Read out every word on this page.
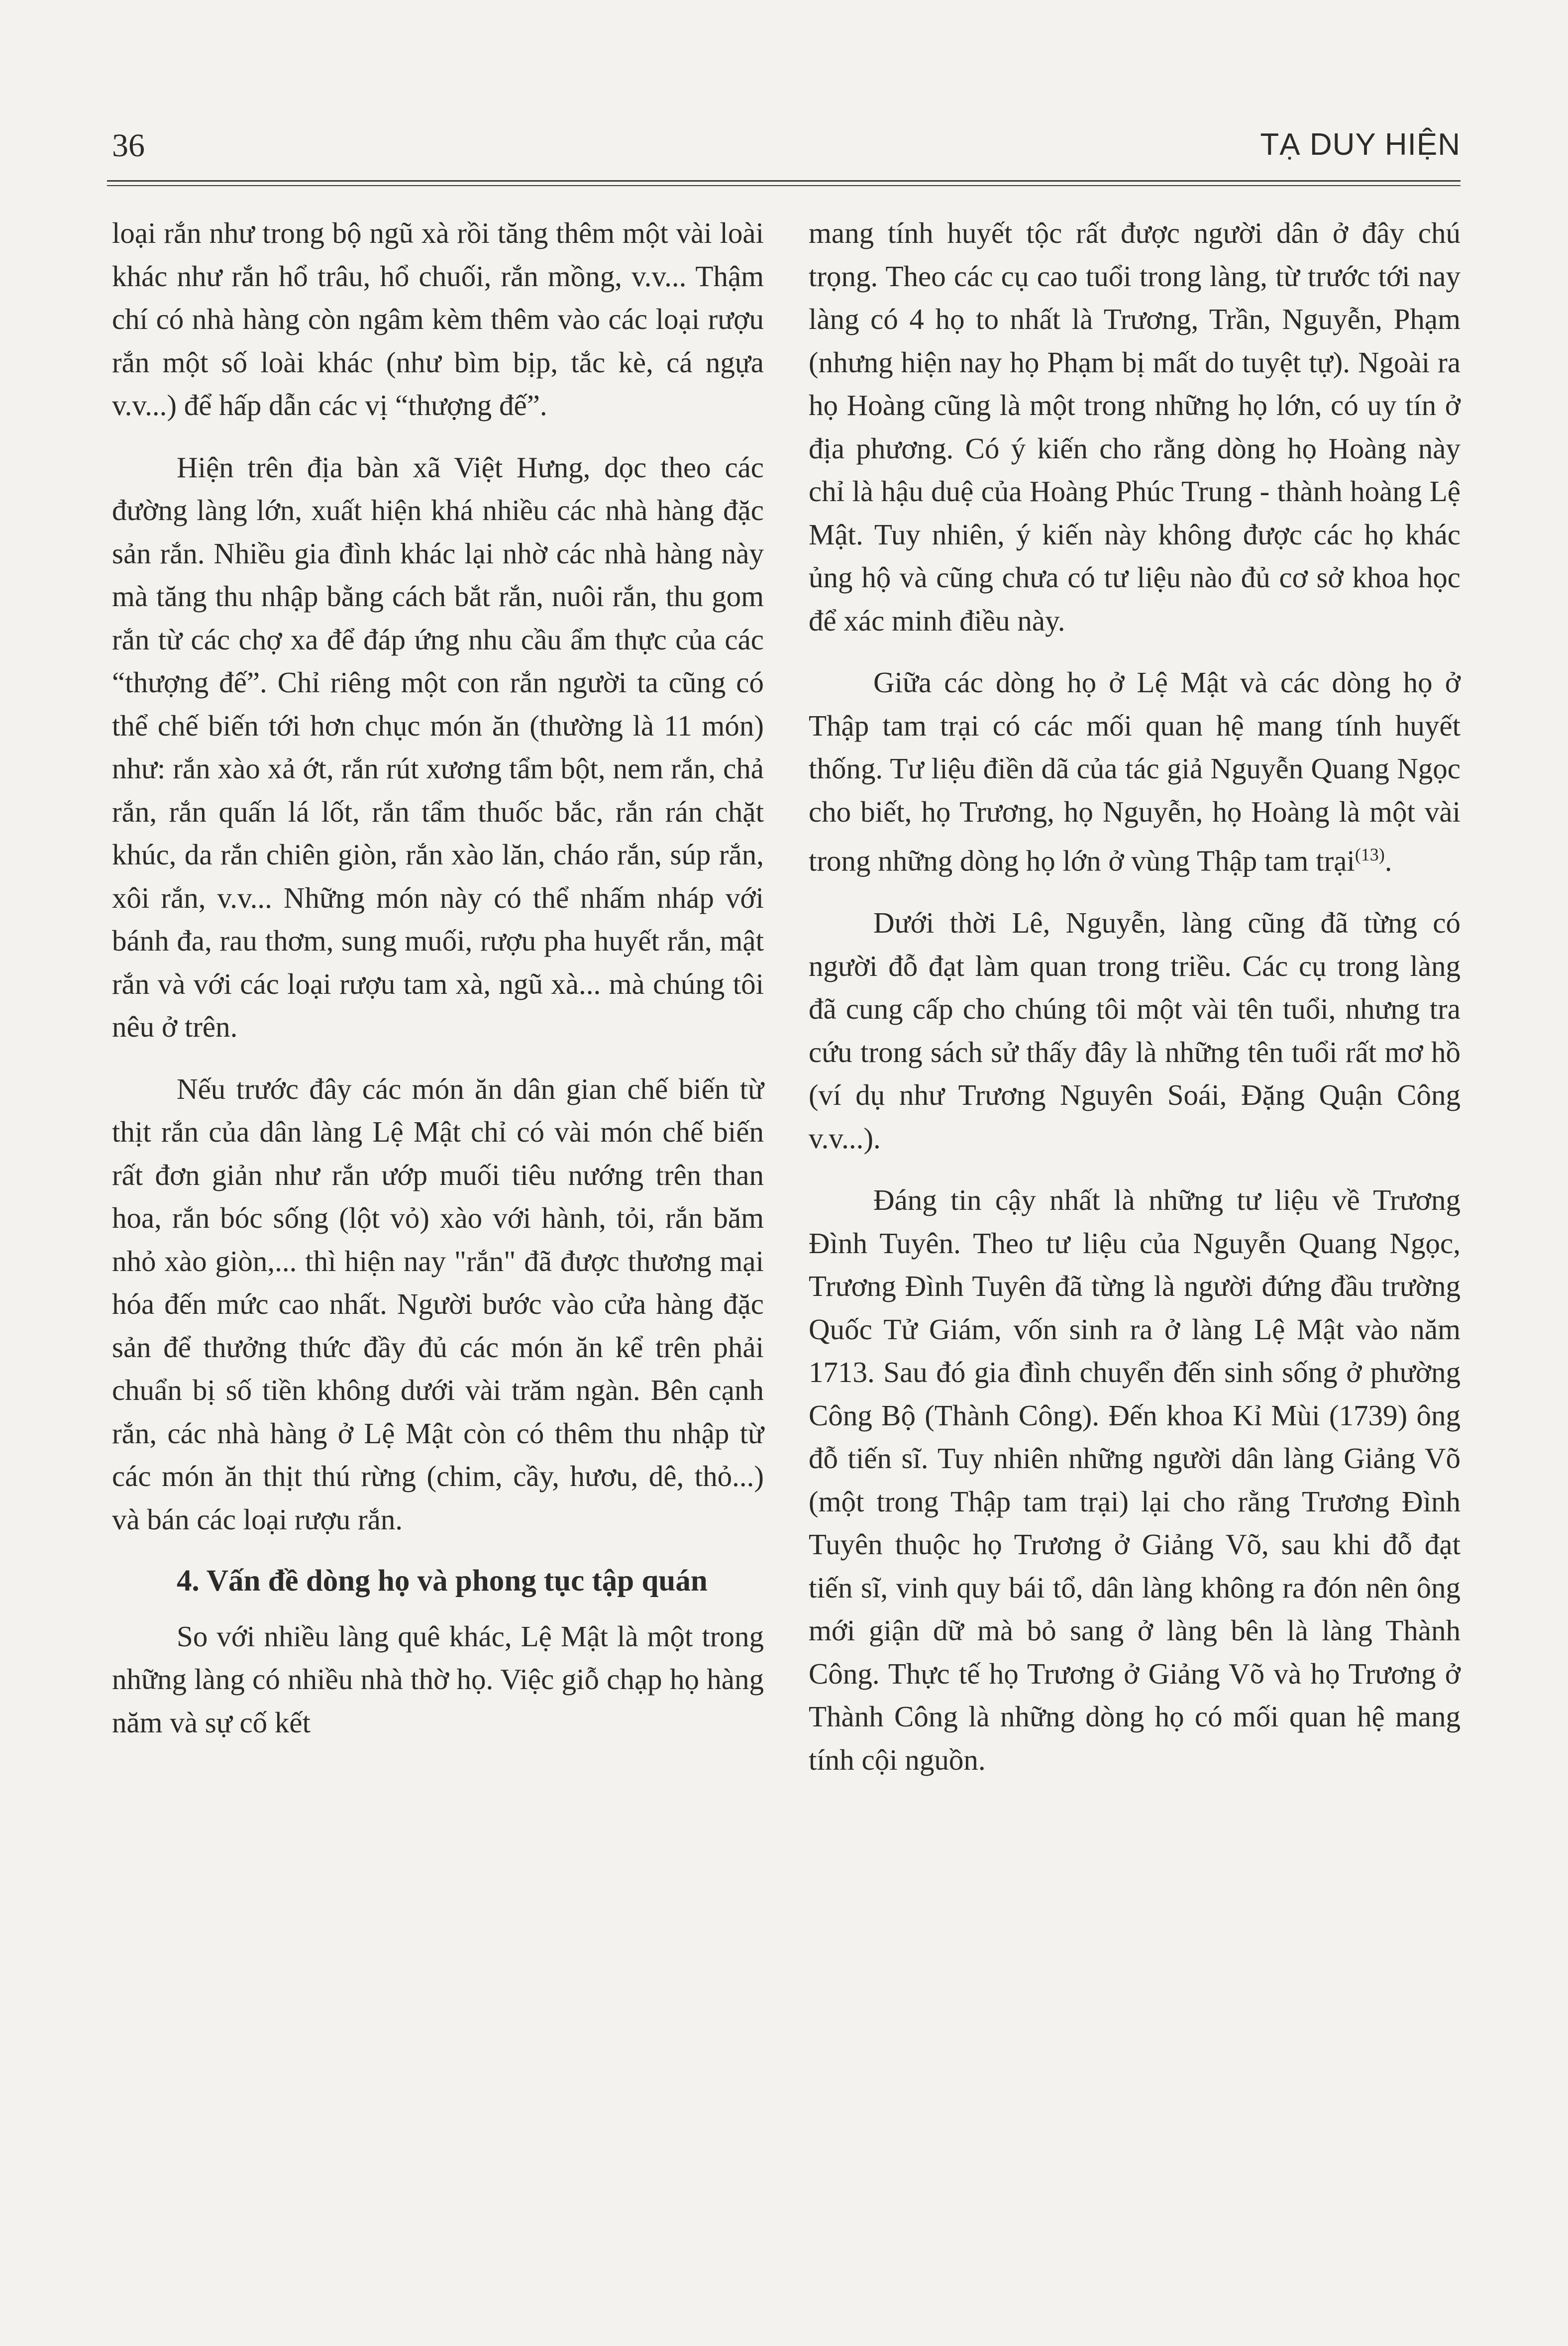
36	TẠ DUY HIỆN

loại rắn như trong bộ ngũ xà rồi tăng thêm một vài loài khác như rắn hổ trâu, hổ chuối, rắn mồng, v.v... Thậm chí có nhà hàng còn ngâm kèm thêm vào các loại rượu rắn một số loài khác (như bìm bịp, tắc kè, cá ngựa v.v...) để hấp dẫn các vị “thượng đế”.

Hiện trên địa bàn xã Việt Hưng, dọc theo các đường làng lớn, xuất hiện khá nhiều các nhà hàng đặc sản rắn. Nhiều gia đình khác lại nhờ các nhà hàng này mà tăng thu nhập bằng cách bắt rắn, nuôi rắn, thu gom rắn từ các chợ xa để đáp ứng nhu cầu ẩm thực của các “thượng đế”. Chỉ riêng một con rắn người ta cũng có thể chế biến tới hơn chục món ăn (thường là 11 món) như: rắn xào xả ớt, rắn rút xương tẩm bột, nem rắn, chả rắn, rắn quấn lá lốt, rắn tẩm thuốc bắc, rắn rán chặt khúc, da rắn chiên giòn, rắn xào lăn, cháo rắn, súp rắn, xôi rắn, v.v... Những món này có thể nhấm nháp với bánh đa, rau thơm, sung muối, rượu pha huyết rắn, mật rắn và với các loại rượu tam xà, ngũ xà... mà chúng tôi nêu ở trên.

Nếu trước đây các món ăn dân gian chế biến từ thịt rắn của dân làng Lệ Mật chỉ có vài món chế biến rất đơn giản như rắn ướp muối tiêu nướng trên than hoa, rắn bóc sống (lột vỏ) xào với hành, tỏi, rắn băm nhỏ xào giòn,... thì hiện nay "rắn" đã được thương mại hóa đến mức cao nhất. Người bước vào cửa hàng đặc sản để thưởng thức đầy đủ các món ăn kể trên phải chuẩn bị số tiền không dưới vài trăm ngàn. Bên cạnh rắn, các nhà hàng ở Lệ Mật còn có thêm thu nhập từ các món ăn thịt thú rừng (chim, cầy, hươu, dê, thỏ...) và bán các loại rượu rắn.

4. Vấn đề dòng họ và phong tục tập quán

So với nhiều làng quê khác, Lệ Mật là một trong những làng có nhiều nhà thờ họ. Việc giỗ chạp họ hàng năm và sự cố kết

mang tính huyết tộc rất được người dân ở đây chú trọng. Theo các cụ cao tuổi trong làng, từ trước tới nay làng có 4 họ to nhất là Trương, Trần, Nguyễn, Phạm (nhưng hiện nay họ Phạm bị mất do tuyệt tự). Ngoài ra họ Hoàng cũng là một trong những họ lớn, có uy tín ở địa phương. Có ý kiến cho rằng dòng họ Hoàng này chỉ là hậu duệ của Hoàng Phúc Trung - thành hoàng Lệ Mật. Tuy nhiên, ý kiến này không được các họ khác ủng hộ và cũng chưa có tư liệu nào đủ cơ sở khoa học để xác minh điều này.

Giữa các dòng họ ở Lệ Mật và các dòng họ ở Thập tam trại có các mối quan hệ mang tính huyết thống. Tư liệu điền dã của tác giả Nguyễn Quang Ngọc cho biết, họ Trương, họ Nguyễn, họ Hoàng là một vài trong những dòng họ lớn ở vùng Thập tam trại$^{(13)}$.

Dưới thời Lê, Nguyễn, làng cũng đã từng có người đỗ đạt làm quan trong triều. Các cụ trong làng đã cung cấp cho chúng tôi một vài tên tuổi, nhưng tra cứu trong sách sử thấy đây là những tên tuổi rất mơ hồ (ví dụ như Trương Nguyên Soái, Đặng Quận Công v.v...).

Đáng tin cậy nhất là những tư liệu về Trương Đình Tuyên. Theo tư liệu của Nguyễn Quang Ngọc, Trương Đình Tuyên đã từng là người đứng đầu trường Quốc Tử Giám, vốn sinh ra ở làng Lệ Mật vào năm 1713. Sau đó gia đình chuyển đến sinh sống ở phường Công Bộ (Thành Công). Đến khoa Kỉ Mùi (1739) ông đỗ tiến sĩ. Tuy nhiên những người dân làng Giảng Võ (một trong Thập tam trại) lại cho rằng Trương Đình Tuyên thuộc họ Trương ở Giảng Võ, sau khi đỗ đạt tiến sĩ, vinh quy bái tổ, dân làng không ra đón nên ông mới giận dữ mà bỏ sang ở làng bên là làng Thành Công. Thực tế họ Trương ở Giảng Võ và họ Trương ở Thành Công là những dòng họ có mối quan hệ mang tính cội nguồn.
